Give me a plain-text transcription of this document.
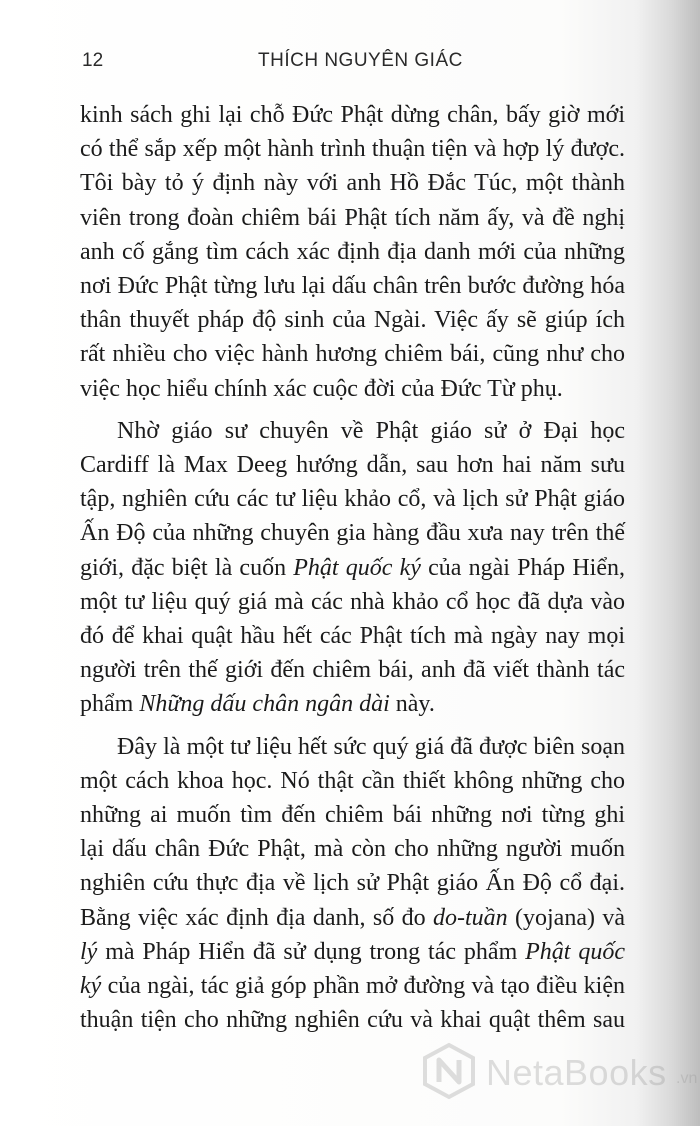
12	THÍCH NGUYÊN GIÁC

kinh sách ghi lại chỗ Đức Phật dừng chân, bấy giờ mới
có thể sắp xếp một hành trình thuận tiện và hợp lý được.
Tôi bày tỏ ý định này với anh Hồ Đắc Túc, một thành
viên trong đoàn chiêm bái Phật tích năm ấy, và đề nghị
anh cố gắng tìm cách xác định địa danh mới của những
nơi Đức Phật từng lưu lại dấu chân trên bước đường hóa
thân thuyết pháp độ sinh của Ngài. Việc ấy sẽ giúp ích
rất nhiều cho việc hành hương chiêm bái, cũng như cho
việc học hiểu chính xác cuộc đời của Đức Từ phụ.

Nhờ giáo sư chuyên về Phật giáo sử ở Đại học
Cardiff là Max Deeg hướng dẫn, sau hơn hai năm sưu
tập, nghiên cứu các tư liệu khảo cổ, và lịch sử Phật giáo
Ấn Độ của những chuyên gia hàng đầu xưa nay trên thế
giới, đặc biệt là cuốn Phật quốc ký của ngài Pháp Hiển,
một tư liệu quý giá mà các nhà khảo cổ học đã dựa vào
đó để khai quật hầu hết các Phật tích mà ngày nay mọi
người trên thế giới đến chiêm bái, anh đã viết thành tác
phẩm Những dấu chân ngân dài này.

Đây là một tư liệu hết sức quý giá đã được biên soạn
một cách khoa học. Nó thật cần thiết không những cho
những ai muốn tìm đến chiêm bái những nơi từng ghi
lại dấu chân Đức Phật, mà còn cho những người muốn
nghiên cứu thực địa về lịch sử Phật giáo Ấn Độ cổ đại.
Bằng việc xác định địa danh, số đo do-tuần (yojana) và
lý mà Pháp Hiển đã sử dụng trong tác phẩm Phật quốc
ký của ngài, tác giả góp phần mở đường và tạo điều kiện
thuận tiện cho những nghiên cứu và khai quật thêm sau

NetaBooks .vn
